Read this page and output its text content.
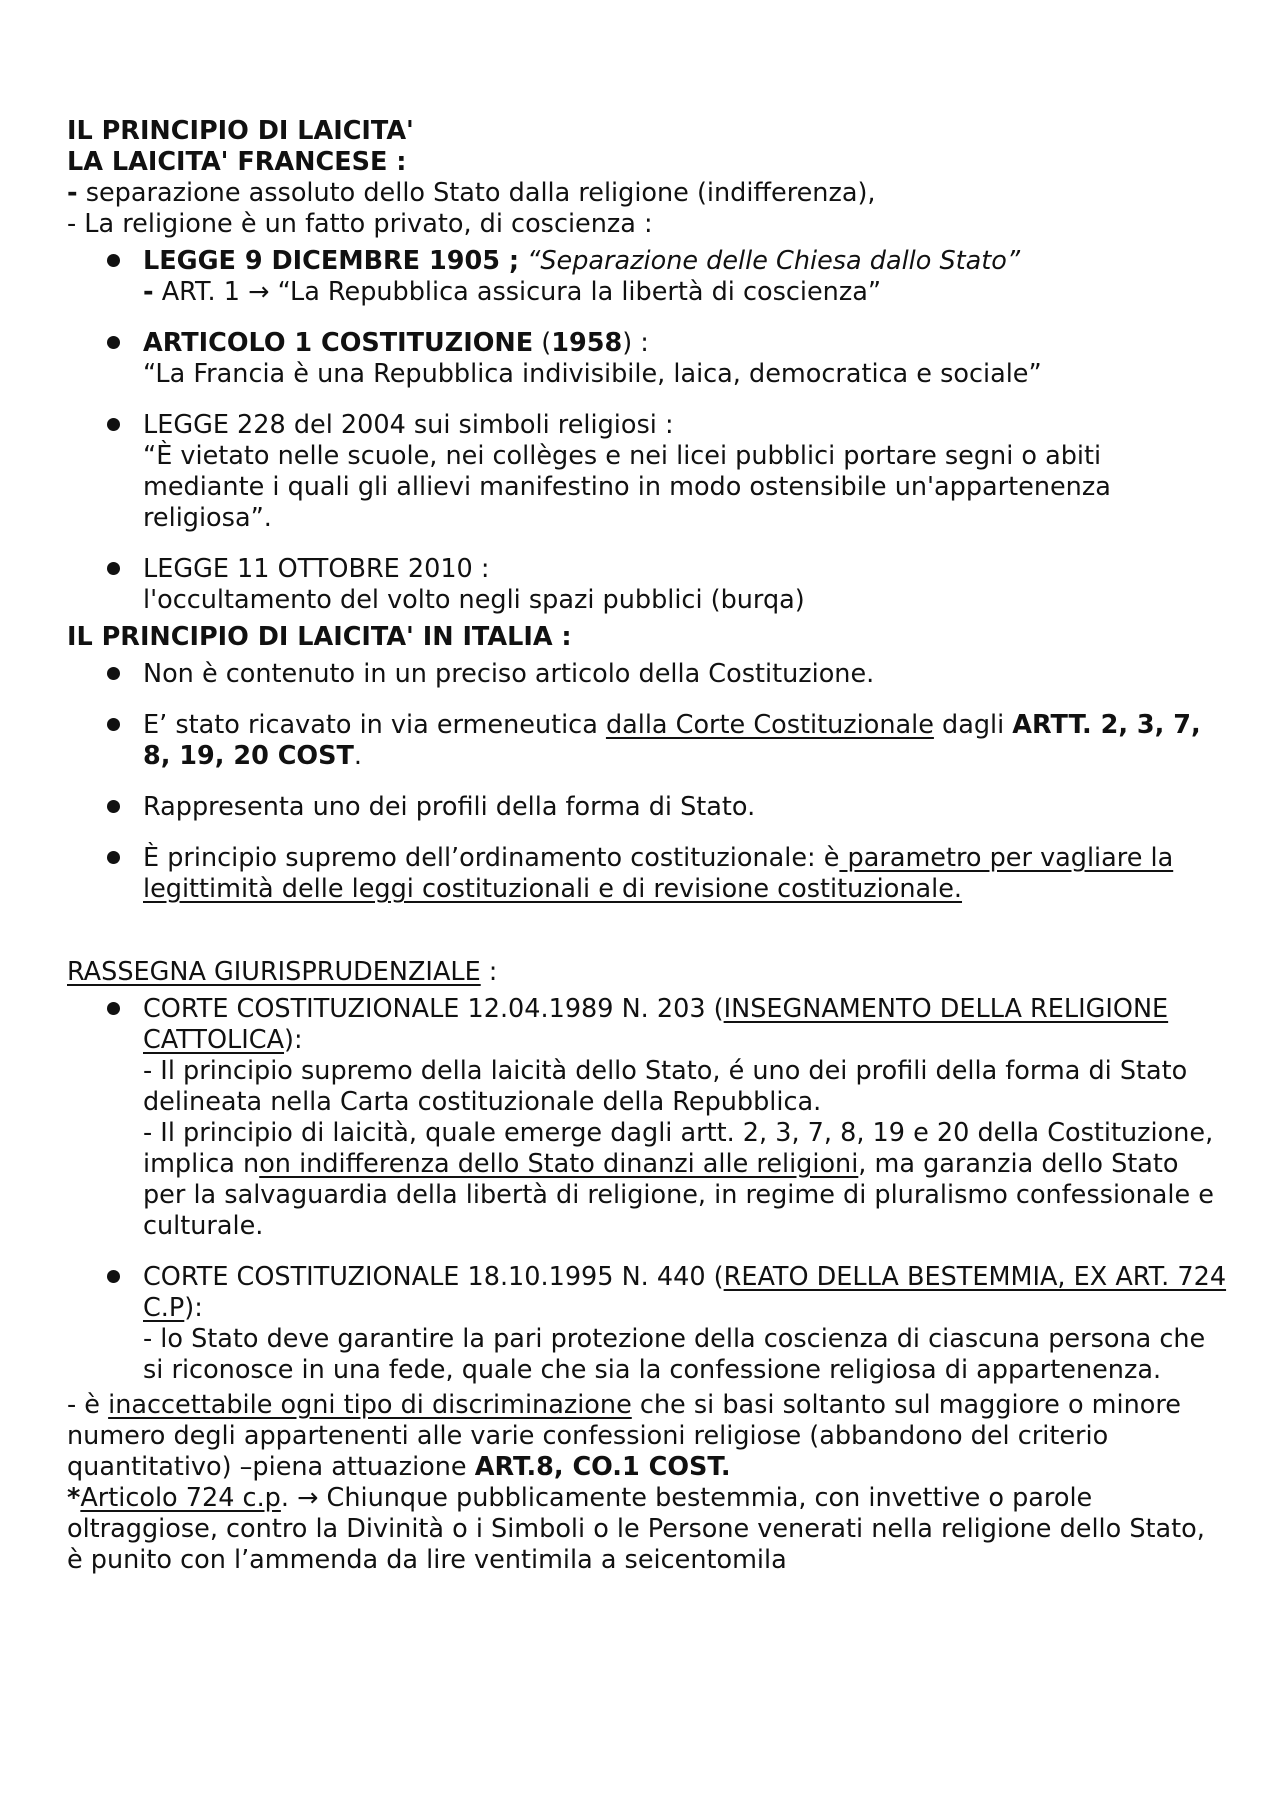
IL PRINCIPIO DI LAICITA'

LA LAICITA' FRANCESE :

- separazione assoluto dello Stato dalla religione (indifferenza),

- La religione è un fatto privato, di coscienza :

LEGGE 9 DICEMBRE 1905 ; “Separazione delle Chiesa dallo Stato”
- ART. 1 → “La Repubblica assicura la libertà di coscienza”
ARTICOLO 1 COSTITUZIONE (1958) :
“La Francia è una Repubblica indivisibile, laica, democratica e sociale”
LEGGE 228 del 2004 sui simboli religiosi :
“È vietato nelle scuole, nei collèges e nei licei pubblici portare segni o abiti mediante i quali gli allievi manifestino in modo ostensibile un'appartenenza religiosa”.
LEGGE 11 OTTOBRE 2010 :
l'occultamento del volto negli spazi pubblici (burqa)

IL PRINCIPIO DI LAICITA' IN ITALIA :

Non è contenuto in un preciso articolo della Costituzione.
E’ stato ricavato in via ermeneutica dalla Corte Costituzionale dagli ARTT. 2, 3, 7, 8, 19, 20 COST.
Rappresenta uno dei profili della forma di Stato.
È principio supremo dell’ordinamento costituzionale: è parametro per vagliare la legittimità delle leggi costituzionali e di revisione costituzionale.

RASSEGNA GIURISPRUDENZIALE :

CORTE COSTITUZIONALE 12.04.1989 N. 203 (INSEGNAMENTO DELLA RELIGIONE CATTOLICA):
- Il principio supremo della laicità dello Stato, é uno dei profili della forma di Stato delineata nella Carta costituzionale della Repubblica.
- Il principio di laicità, quale emerge dagli artt. 2, 3, 7, 8, 19 e 20 della Costituzione, implica non indifferenza dello Stato dinanzi alle religioni, ma garanzia dello Stato per la salvaguardia della libertà di religione, in regime di pluralismo confessionale e culturale.
CORTE COSTITUZIONALE 18.10.1995 N. 440 (REATO DELLA BESTEMMIA, EX ART. 724 C.P):
- lo Stato deve garantire la pari protezione della coscienza di ciascuna persona che si riconosce in una fede, quale che sia la confessione religiosa di appartenenza.

- è inaccettabile ogni tipo di discriminazione che si basi soltanto sul maggiore o minore numero degli appartenenti alle varie confessioni religiose (abbandono del criterio quantitativo) –piena attuazione ART.8, CO.1 COST.

*Articolo 724 c.p. → Chiunque pubblicamente bestemmia, con invettive o parole oltraggiose, contro la Divinità o i Simboli o le Persone venerati nella religione dello Stato, è punito con l’ammenda da lire ventimila a seicentomila
